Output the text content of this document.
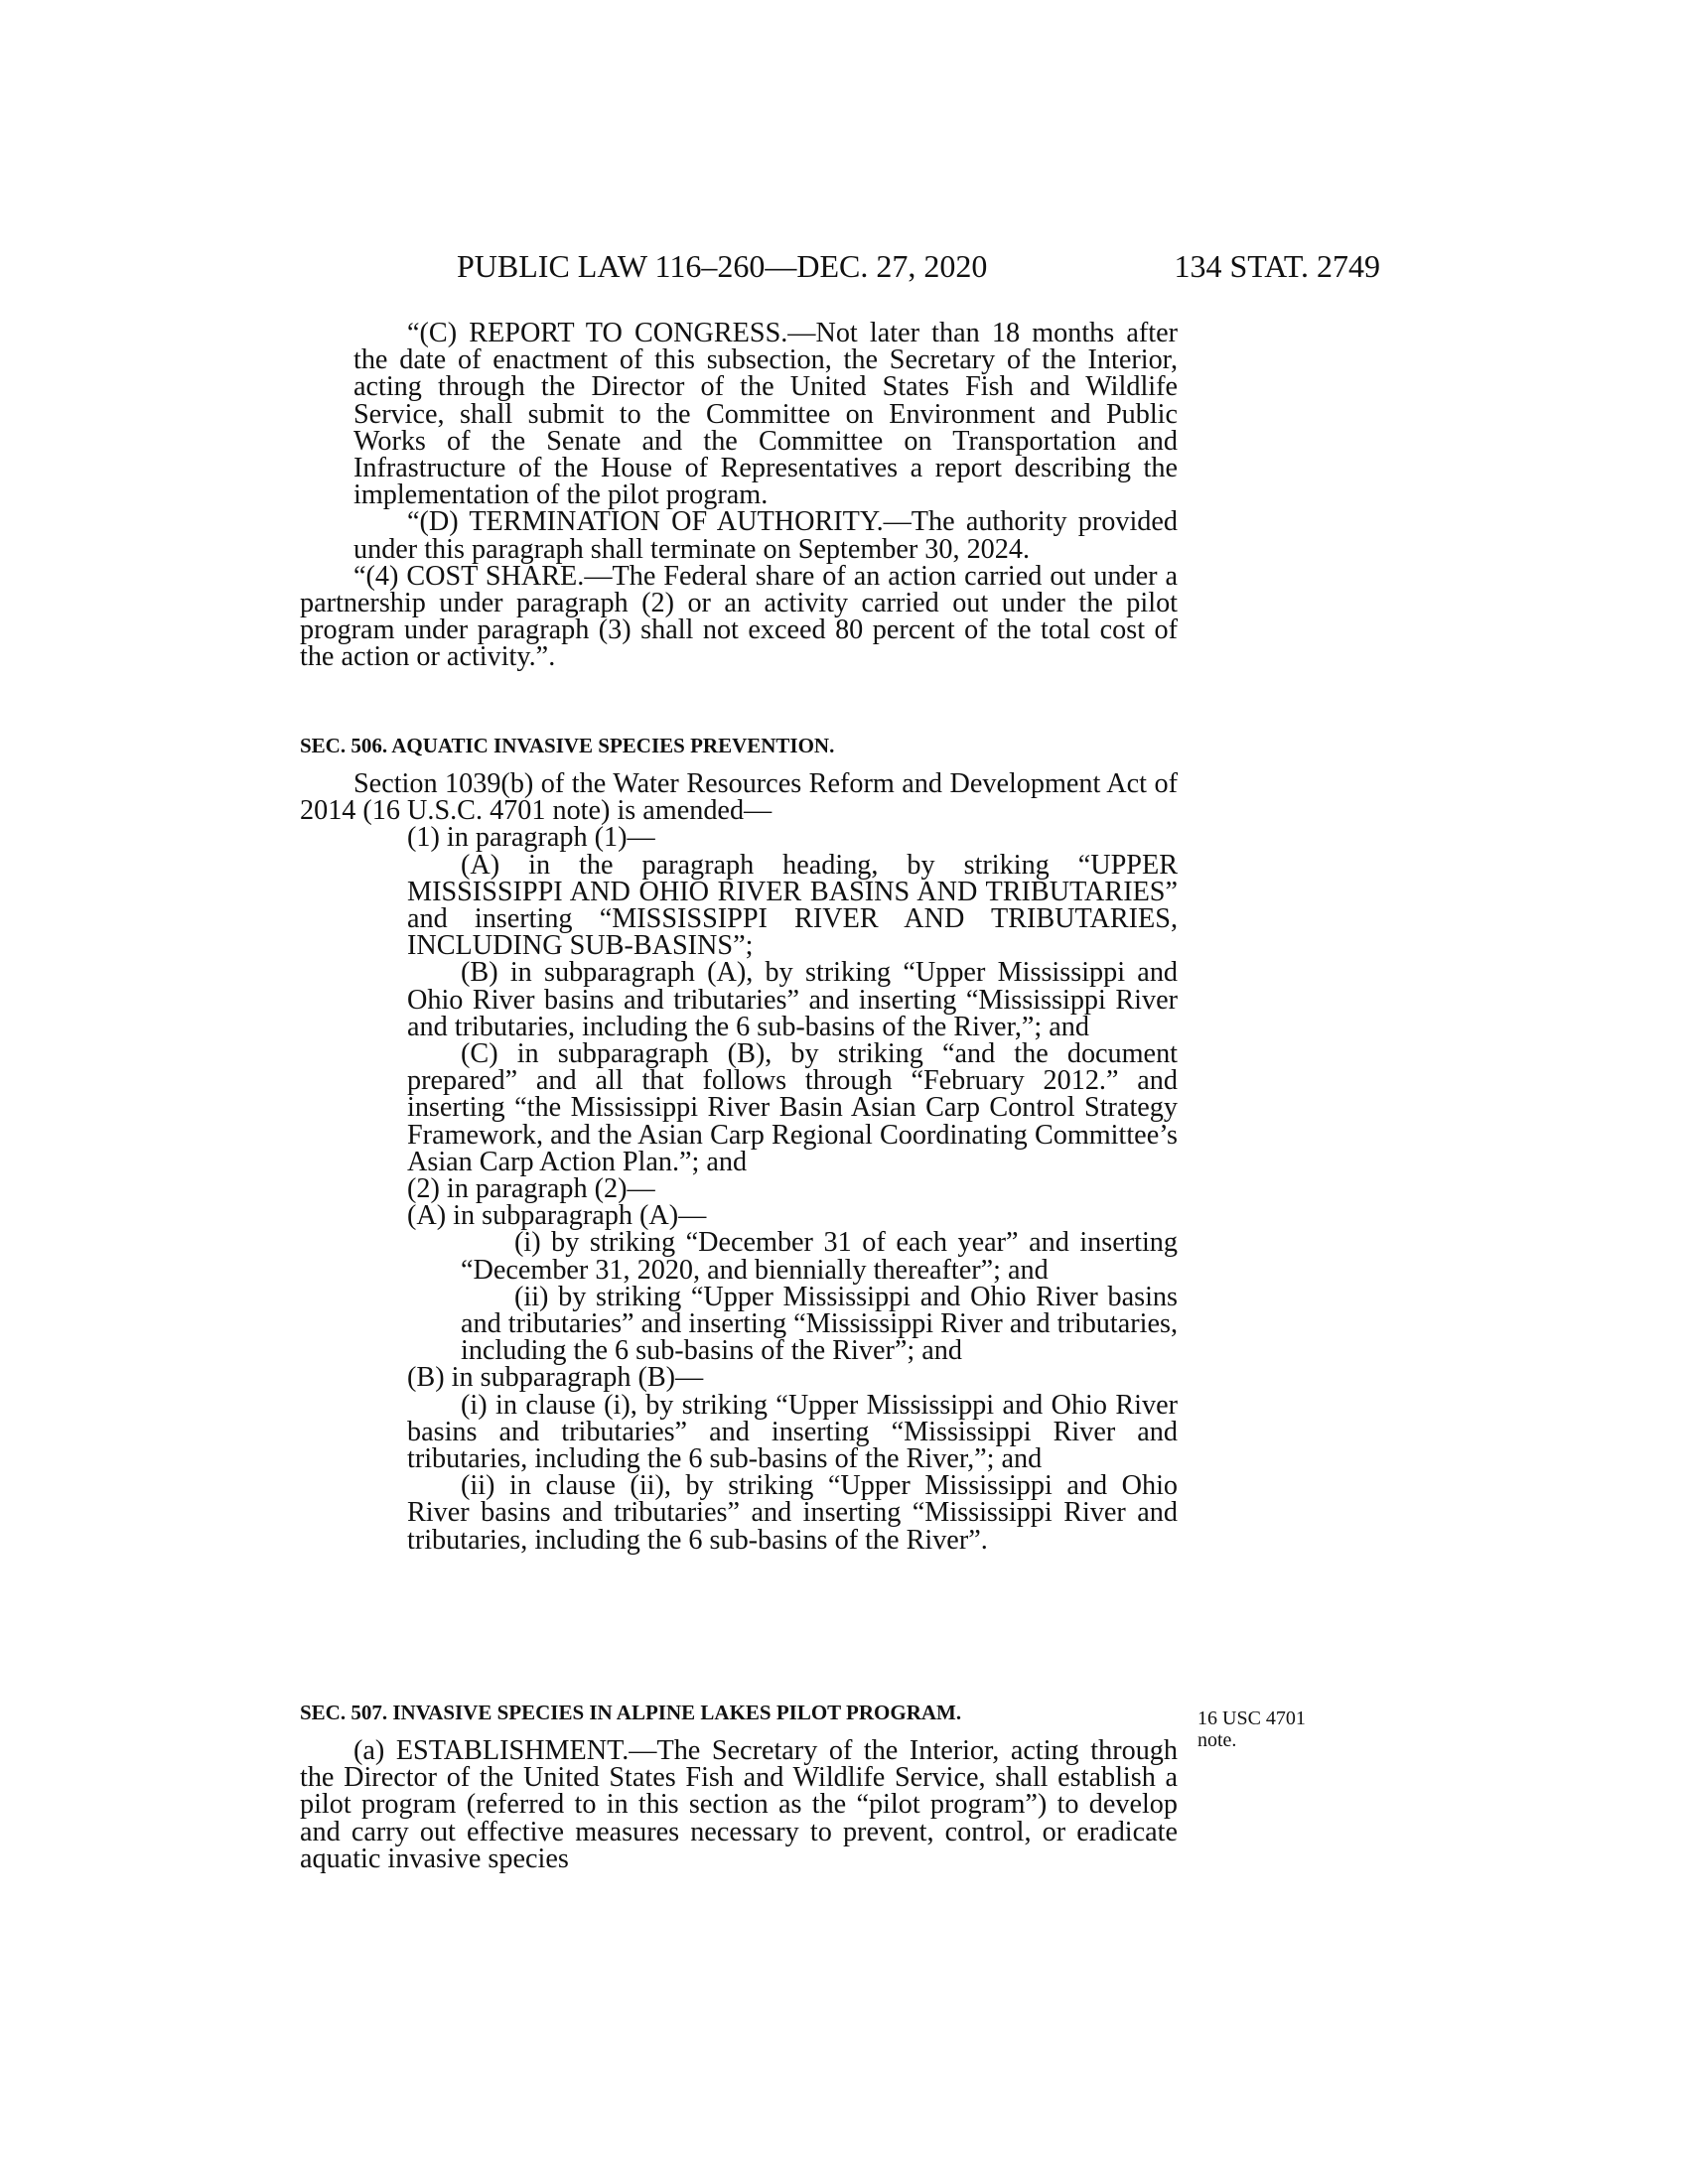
PUBLIC LAW 116–260—DEC. 27, 2020	134 STAT. 2749

“(C) REPORT TO CONGRESS.—Not later than 18 months after the date of enactment of this subsection, the Secretary of the Interior, acting through the Director of the United States Fish and Wildlife Service, shall submit to the Committee on Environment and Public Works of the Senate and the Committee on Transportation and Infrastructure of the House of Representatives a report describing the implementation of the pilot program.

“(D) TERMINATION OF AUTHORITY.—The authority provided under this paragraph shall terminate on September 30, 2024.

“(4) COST SHARE.—The Federal share of an action carried out under a partnership under paragraph (2) or an activity carried out under the pilot program under paragraph (3) shall not exceed 80 percent of the total cost of the action or activity.”.

SEC. 506. AQUATIC INVASIVE SPECIES PREVENTION.

Section 1039(b) of the Water Resources Reform and Development Act of 2014 (16 U.S.C. 4701 note) is amended—

(1) in paragraph (1)—

(A) in the paragraph heading, by striking “UPPER MISSISSIPPI AND OHIO RIVER BASINS AND TRIBUTARIES” and inserting “MISSISSIPPI RIVER AND TRIBUTARIES, INCLUDING SUB-BASINS”;

(B) in subparagraph (A), by striking “Upper Mississippi and Ohio River basins and tributaries” and inserting “Mississippi River and tributaries, including the 6 sub-basins of the River,”; and

(C) in subparagraph (B), by striking “and the document prepared” and all that follows through “February 2012.” and inserting “the Mississippi River Basin Asian Carp Control Strategy Framework, and the Asian Carp Regional Coordinating Committee’s Asian Carp Action Plan.”; and

(2) in paragraph (2)—

(A) in subparagraph (A)—

(i) by striking “December 31 of each year” and inserting “December 31, 2020, and biennially thereafter”; and

(ii) by striking “Upper Mississippi and Ohio River basins and tributaries” and inserting “Mississippi River and tributaries, including the 6 sub-basins of the River”; and

(B) in subparagraph (B)—

(i) in clause (i), by striking “Upper Mississippi and Ohio River basins and tributaries” and inserting “Mississippi River and tributaries, including the 6 sub-basins of the River,”; and

(ii) in clause (ii), by striking “Upper Mississippi and Ohio River basins and tributaries” and inserting “Mississippi River and tributaries, including the 6 sub-basins of the River”.

SEC. 507. INVASIVE SPECIES IN ALPINE LAKES PILOT PROGRAM.	16 USC 4701 note.

(a) ESTABLISHMENT.—The Secretary of the Interior, acting through the Director of the United States Fish and Wildlife Service, shall establish a pilot program (referred to in this section as the “pilot program”) to develop and carry out effective measures necessary to prevent, control, or eradicate aquatic invasive species
